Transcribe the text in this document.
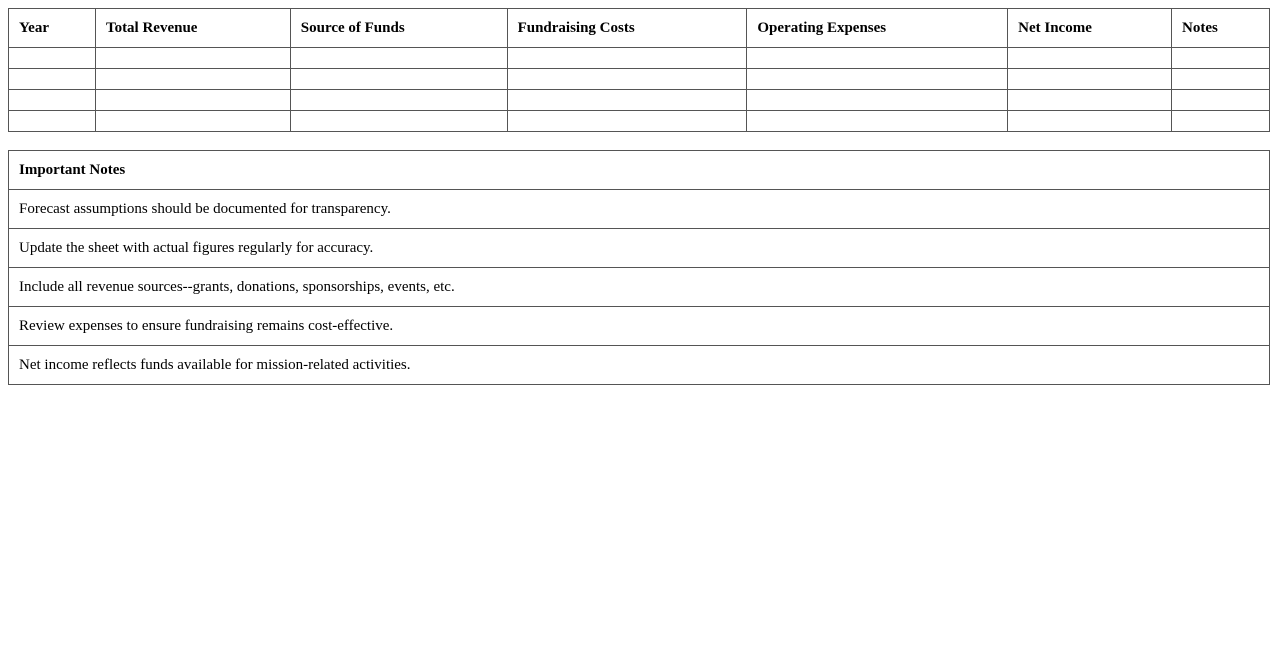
Year	Total Revenue	Source of Funds	Fundraising Costs	Operating Expenses	Net Income	Notes

Important Notes
Forecast assumptions should be documented for transparency.
Update the sheet with actual figures regularly for accuracy.
Include all revenue sources--grants, donations, sponsorships, events, etc.
Review expenses to ensure fundraising remains cost-effective.
Net income reflects funds available for mission-related activities.
